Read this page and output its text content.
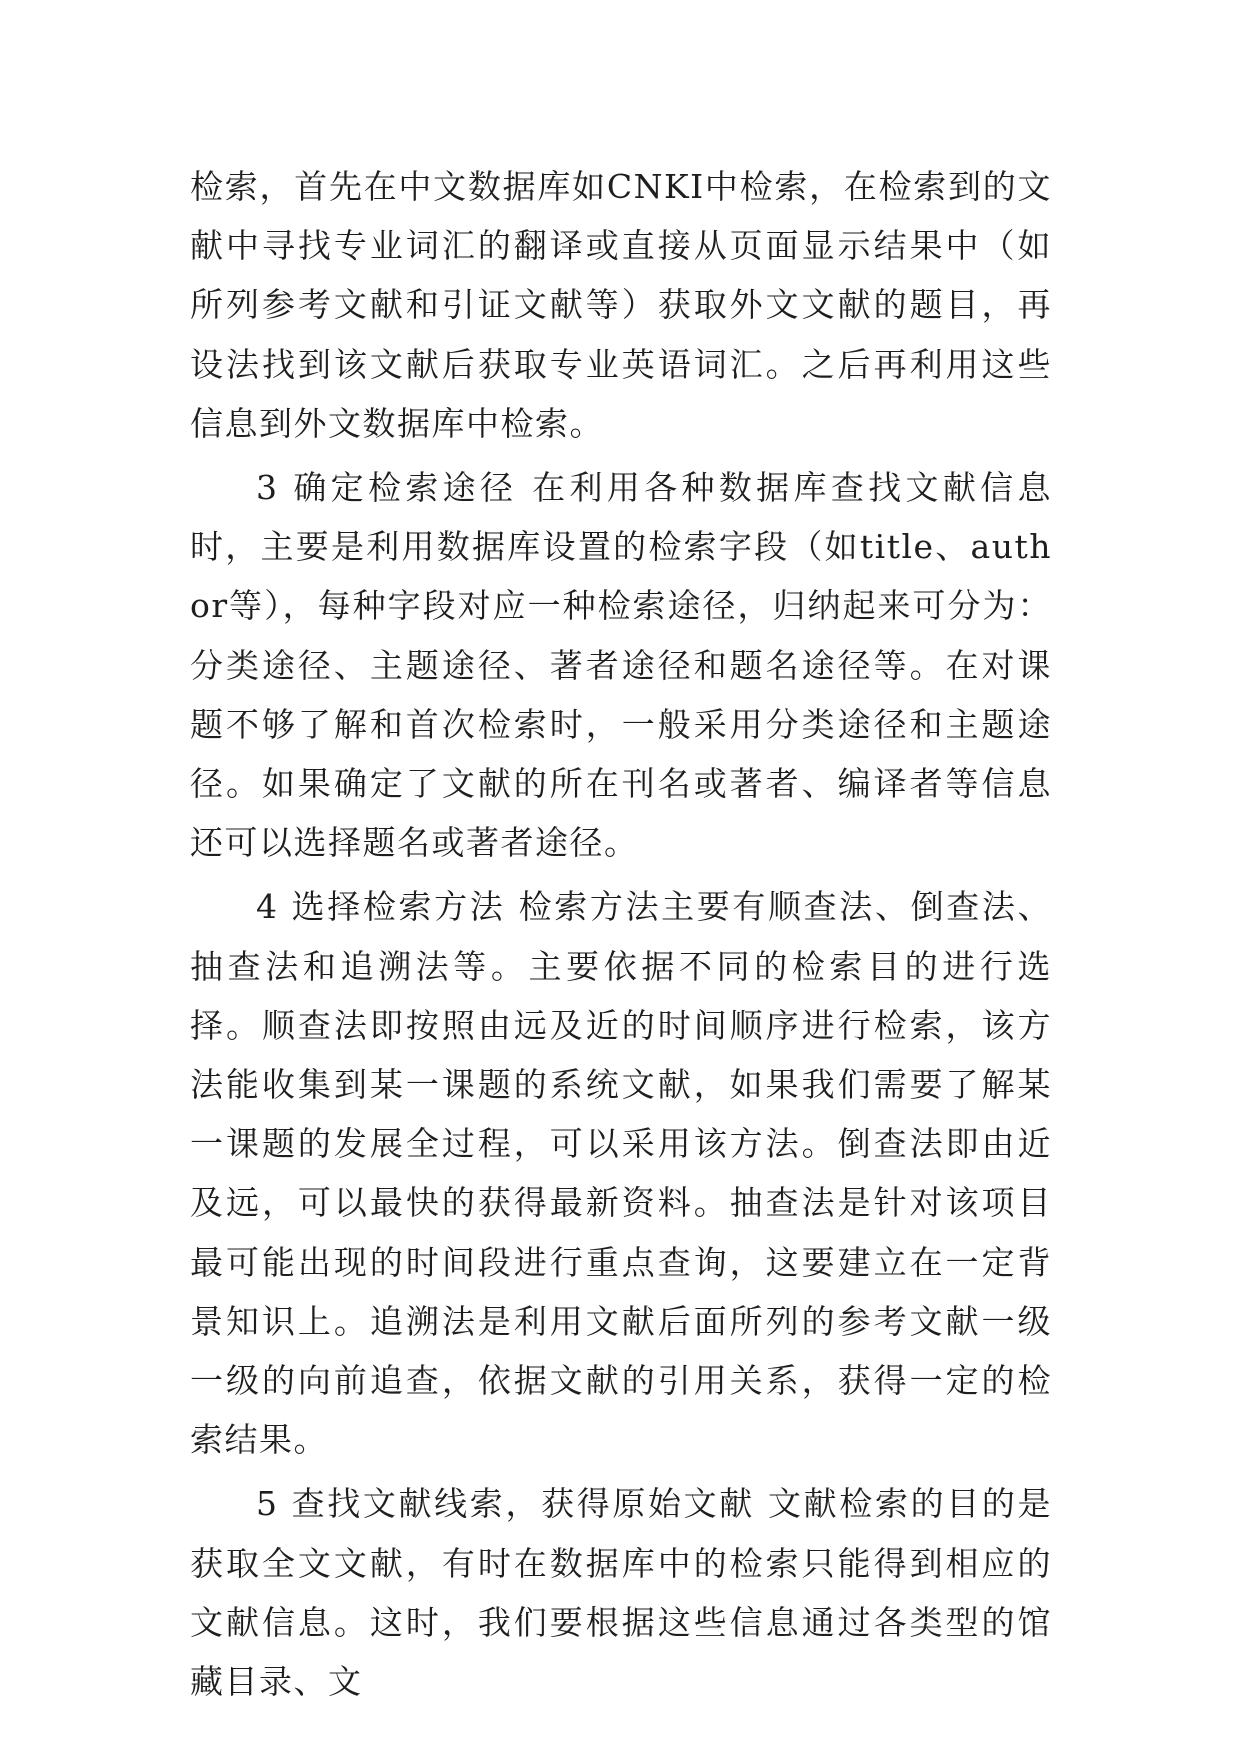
检索，首先在中文数据库如CNKI中检索，在检索到的文献中寻找专业词汇的翻译或直接从页面显示结果中（如所列参考文献和引证文献等）获取外文文献的题目，再设法找到该文献后获取专业英语词汇。之后再利用这些信息到外文数据库中检索。

3 确定检索途径 在利用各种数据库查找文献信息时，主要是利用数据库设置的检索字段（如title、author等），每种字段对应一种检索途径，归纳起来可分为：分类途径、主题途径、著者途径和题名途径等。在对课题不够了解和首次检索时，一般采用分类途径和主题途径。如果确定了文献的所在刊名或著者、编译者等信息还可以选择题名或著者途径。

4 选择检索方法 检索方法主要有顺查法、倒查法、抽查法和追溯法等。主要依据不同的检索目的进行选择。顺查法即按照由远及近的时间顺序进行检索，该方法能收集到某一课题的系统文献，如果我们需要了解某一课题的发展全过程，可以采用该方法。倒查法即由近及远，可以最快的获得最新资料。抽查法是针对该项目最可能出现的时间段进行重点查询，这要建立在一定背景知识上。追溯法是利用文献后面所列的参考文献一级一级的向前追查，依据文献的引用关系，获得一定的检索结果。

5 查找文献线索，获得原始文献 文献检索的目的是获取全文文献，有时在数据库中的检索只能得到相应的文献信息。这时，我们要根据这些信息通过各类型的馆藏目录、文
